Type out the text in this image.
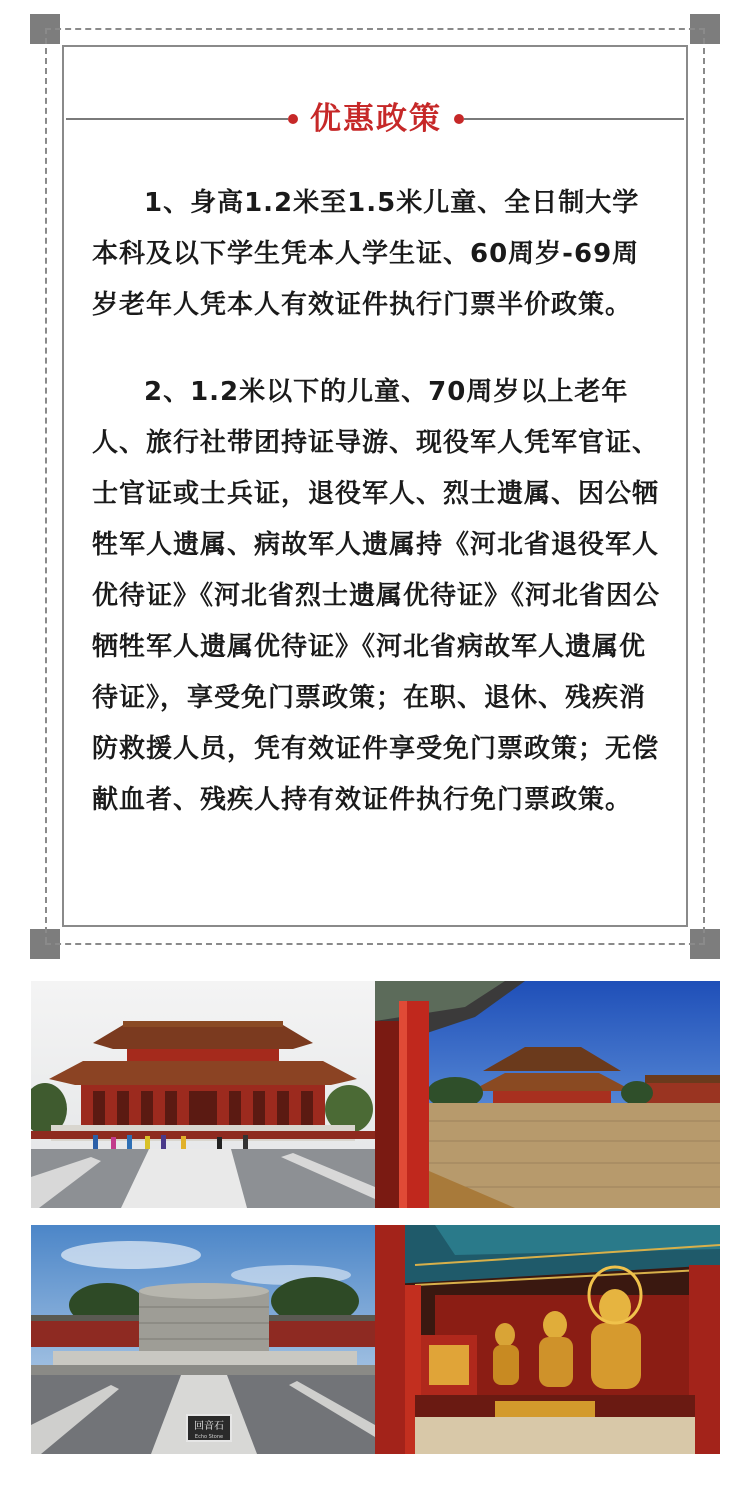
优惠政策

1、身高1.2米至1.5米儿童、全日制大学本科及以下学生凭本人学生证、60周岁-69周岁老年人凭本人有效证件执行门票半价政策。

2、1.2米以下的儿童、70周岁以上老年人、旅行社带团持证导游、现役军人凭军官证、士官证或士兵证，退役军人、烈士遗属、因公牺牲军人遗属、病故军人遗属持《河北省退役军人优待证》《河北省烈士遗属优待证》《河北省因公牺牲军人遗属优待证》《河北省病故军人遗属优待证》，享受免门票政策；在职、退休、残疾消防救援人员，凭有效证件享受免门票政策；无偿献血者、残疾人持有效证件执行免门票政策。

回音石
Echo Stone
